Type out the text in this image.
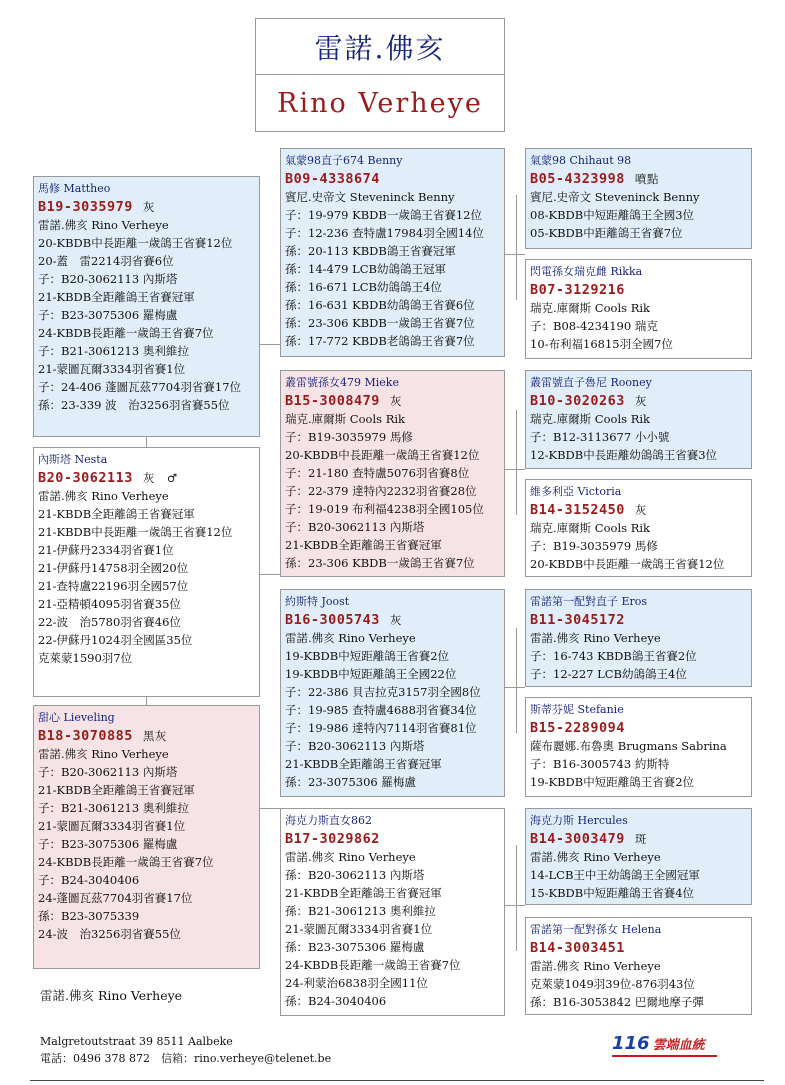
雷諾.佛亥
Rino Verheye
馬修 Mattheo
B19-3035979 灰
雷諾.佛亥 Rino Verheye
20-KBDB中長距離一歲鴿王省賽12位
20-蓋　雷2214羽省賽6位
子：B20-3062113 內斯塔
21-KBDB全距離鴿王省賽冠軍
子：B23-3075306 羅梅盧
24-KBDB長距離一歲鴿王省賽7位
子：B21-3061213 奧利維拉
21-蒙圖瓦爾3334羽省賽1位
子：24-406 蓬圖瓦茲7704羽省賽17位
孫：23-339 波　治3256羽省賽55位
內斯塔 Nesta
B20-3062113 灰　♂
雷諾.佛亥 Rino Verheye
21-KBDB全距離鴿王省賽冠軍
21-KBDB中長距離一歲鴿王省賽12位
21-伊蘇丹2334羽省賽1位
21-伊蘇丹14758羽全國20位
21-查特盧22196羽全國57位
21-亞精頓4095羽省賽35位
22-波　治5780羽省賽46位
22-伊蘇丹1024羽全國區35位
克萊蒙1590羽7位
甜心 Lieveling
B18-3070885 黑灰
雷諾.佛亥 Rino Verheye
子：B20-3062113 內斯塔
21-KBDB全距離鴿王省賽冠軍
子：B21-3061213 奧利維拉
21-蒙圖瓦爾3334羽省賽1位
子：B23-3075306 羅梅盧
24-KBDB長距離一歲鴿王省賽7位
子：B24-3040406
24-蓬圖瓦茲7704羽省賽17位
孫：B23-3075339
24-波　治3256羽省賽55位
氣蒙98直子674 Benny
B09-4338674
賓尼.史帝文 Steveninck Benny
子：19-979 KBDB一歲鴿王省賽12位
子：12-236 查特盧17984羽全國14位
孫：20-113 KBDB鴿王省賽冠軍
孫：14-479 LCB幼鴿鴿王冠軍
孫：16-671 LCB幼鴿鴿王4位
孫：16-631 KBDB幼鴿鴿王省賽6位
孫：23-306 KBDB一歲鴿王省賽7位
孫：17-772 KBDB老鴿鴿王省賽7位
叢雷號孫女479 Mieke
B15-3008479 灰
瑞克.庫爾斯 Cools Rik
子：B19-3035979 馬修
20-KBDB中長距離一歲鴿王省賽12位
子：21-180 查特盧5076羽省賽8位
子：22-379 達特內2232羽省賽28位
子：19-019 布利福4238羽全國105位
子：B20-3062113 內斯塔
21-KBDB全距離鴿王省賽冠軍
孫：23-306 KBDB一歲鴿王省賽7位
約斯特 Joost
B16-3005743 灰
雷諾.佛亥 Rino Verheye
19-KBDB中短距離鴿王省賽2位
19-KBDB中短距離鴿王全國22位
子：22-386 貝吉拉克3157羽全國8位
子：19-985 查特盧4688羽省賽34位
子：19-986 達特內7114羽省賽81位
子：B20-3062113 內斯塔
21-KBDB全距離鴿王省賽冠軍
孫：23-3075306 羅梅盧
海克力斯直女862
B17-3029862
雷諾.佛亥 Rino Verheye
孫：B20-3062113 內斯塔
21-KBDB全距離鴿王省賽冠軍
孫：B21-3061213 奧利維拉
21-蒙圖瓦爾3334羽省賽1位
孫：B23-3075306 羅梅盧
24-KBDB長距離一歲鴿王省賽7位
24-利蒙治6838羽全國11位
孫：B24-3040406
氣蒙98 Chihaut 98
B05-4323998 噴點
賓尼.史帝文 Steveninck Benny
08-KBDB中短距離鴿王全國3位
05-KBDB中距離鴿王省賽7位
閃電孫女瑞克雌 Rikka
B07-3129216
瑞克.庫爾斯 Cools Rik
子：B08-4234190 瑞克
10-布利福16815羽全國7位
叢雷號直子魯尼 Rooney
B10-3020263 灰
瑞克.庫爾斯 Cools Rik
子：B12-3113677 小小號
12-KBDB中長距離幼鴿鴿王省賽3位
維多利亞 Victoria
B14-3152450 灰
瑞克.庫爾斯 Cools Rik
子：B19-3035979 馬修
20-KBDB中長距離一歲鴿王省賽12位
雷諾第一配對直子 Eros
B11-3045172
雷諾.佛亥 Rino Verheye
子：16-743 KBDB鴿王省賽2位
子：12-227 LCB幼鴿鴿王4位
斯蒂芬妮 Stefanie
B15-2289094
薩布麗娜.布魯奧 Brugmans Sabrina
子：B16-3005743 約斯特
19-KBDB中短距離鴿王省賽2位
海克力斯 Hercules
B14-3003479 斑
雷諾.佛亥 Rino Verheye
14-LCB王中王幼鴿鴿王全國冠軍
15-KBDB中短距離鴿王省賽4位
雷諾第一配對孫女 Helena
B14-3003451
雷諾.佛亥 Rino Verheye
克萊蒙1049羽39位-876羽43位
孫：B16-3053842 巴爾地摩子彈
雷諾.佛亥 Rino Verheye
Malgretoutstraat 39 8511 Aalbeke
電話：0496 378 872　信箱：rino.verheye@telenet.be
116 雲端血統
